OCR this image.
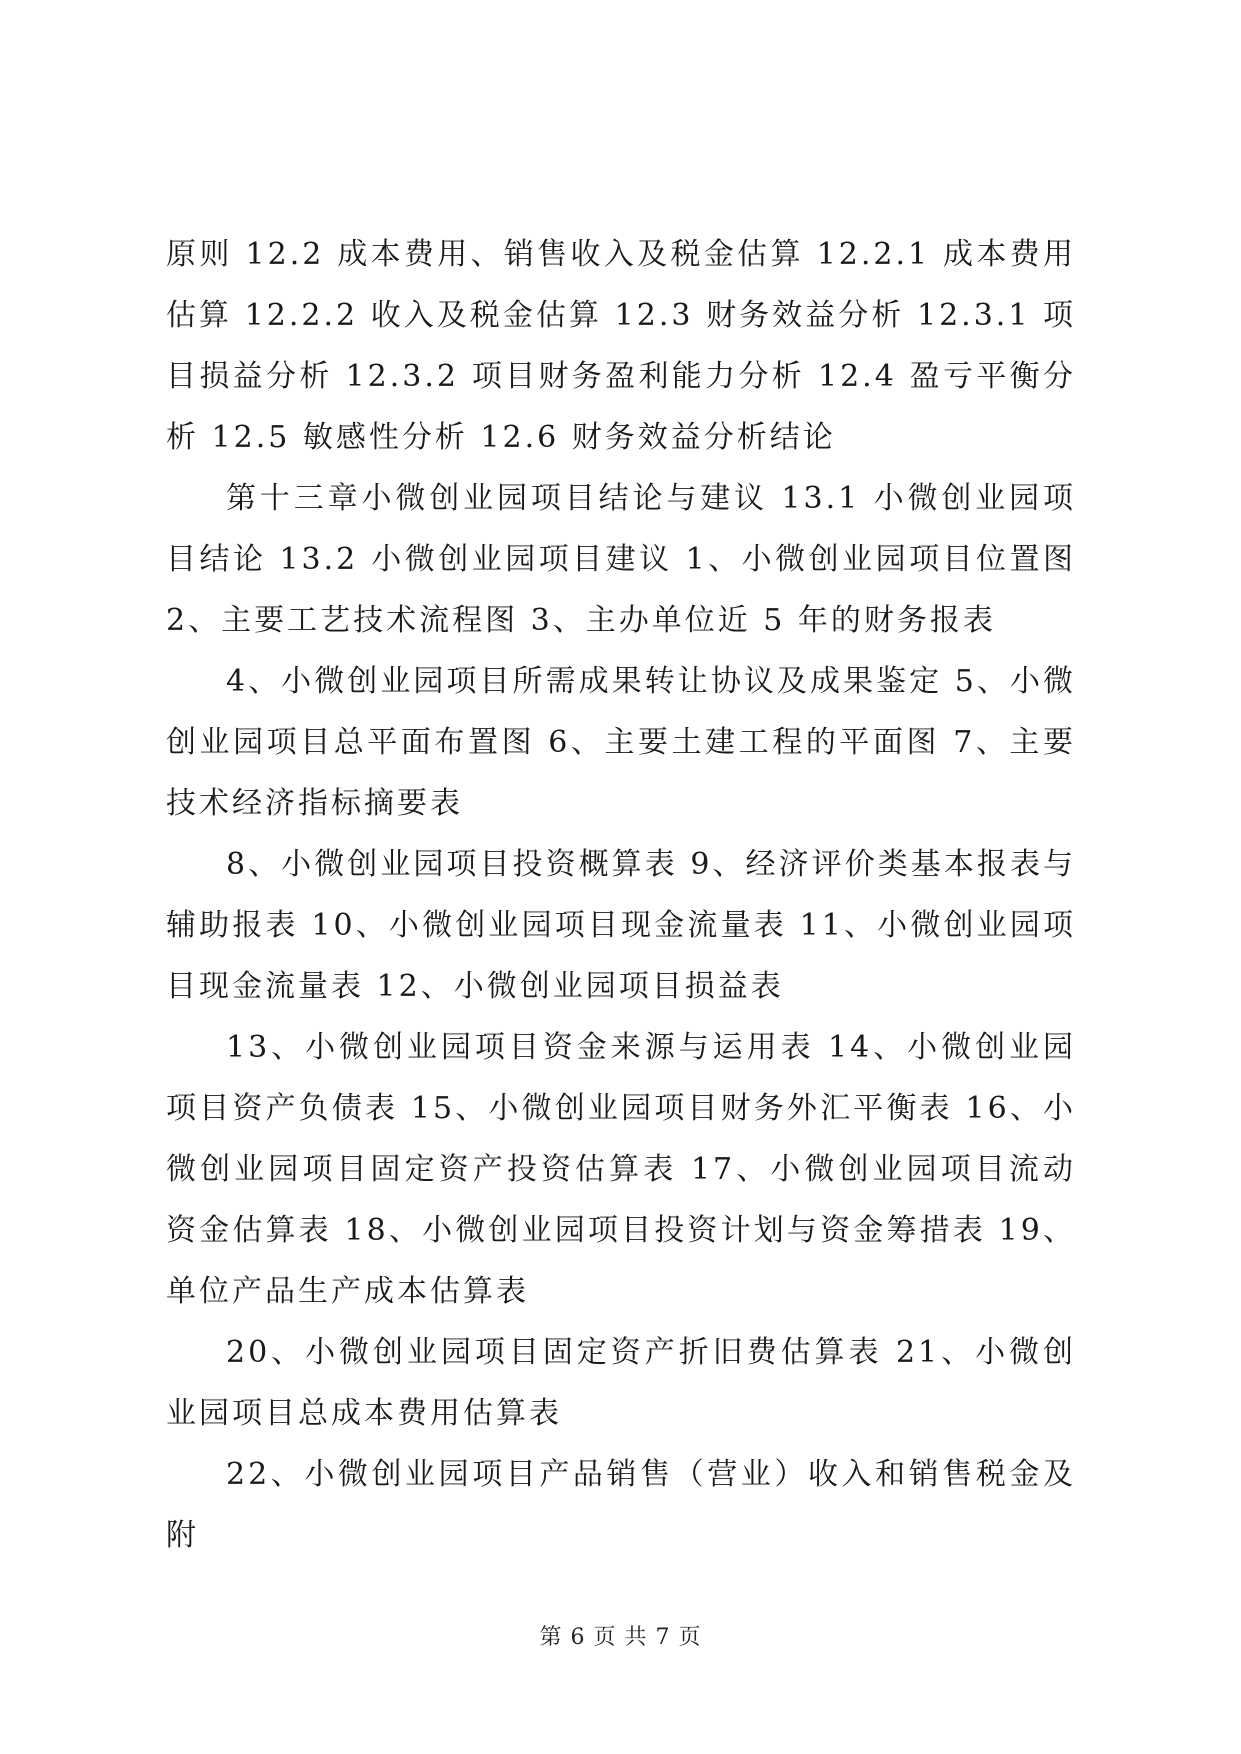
原则 12.2 成本费用、销售收入及税金估算 12.2.1 成本费用估算 12.2.2 收入及税金估算 12.3 财务效益分析 12.3.1 项目损益分析 12.3.2 项目财务盈利能力分析 12.4 盈亏平衡分析 12.5 敏感性分析 12.6 财务效益分析结论

第十三章小微创业园项目结论与建议 13.1 小微创业园项目结论 13.2 小微创业园项目建议 1、小微创业园项目位置图 2、主要工艺技术流程图 3、主办单位近 5 年的财务报表

4、小微创业园项目所需成果转让协议及成果鉴定 5、小微创业园项目总平面布置图 6、主要土建工程的平面图 7、主要技术经济指标摘要表

8、小微创业园项目投资概算表 9、经济评价类基本报表与辅助报表 10、小微创业园项目现金流量表 11、小微创业园项目现金流量表 12、小微创业园项目损益表

13、小微创业园项目资金来源与运用表 14、小微创业园项目资产负债表 15、小微创业园项目财务外汇平衡表 16、小微创业园项目固定资产投资估算表 17、小微创业园项目流动资金估算表 18、小微创业园项目投资计划与资金筹措表 19、单位产品生产成本估算表

20、小微创业园项目固定资产折旧费估算表 21、小微创业园项目总成本费用估算表

22、小微创业园项目产品销售（营业）收入和销售税金及附

第 6 页 共 7 页
